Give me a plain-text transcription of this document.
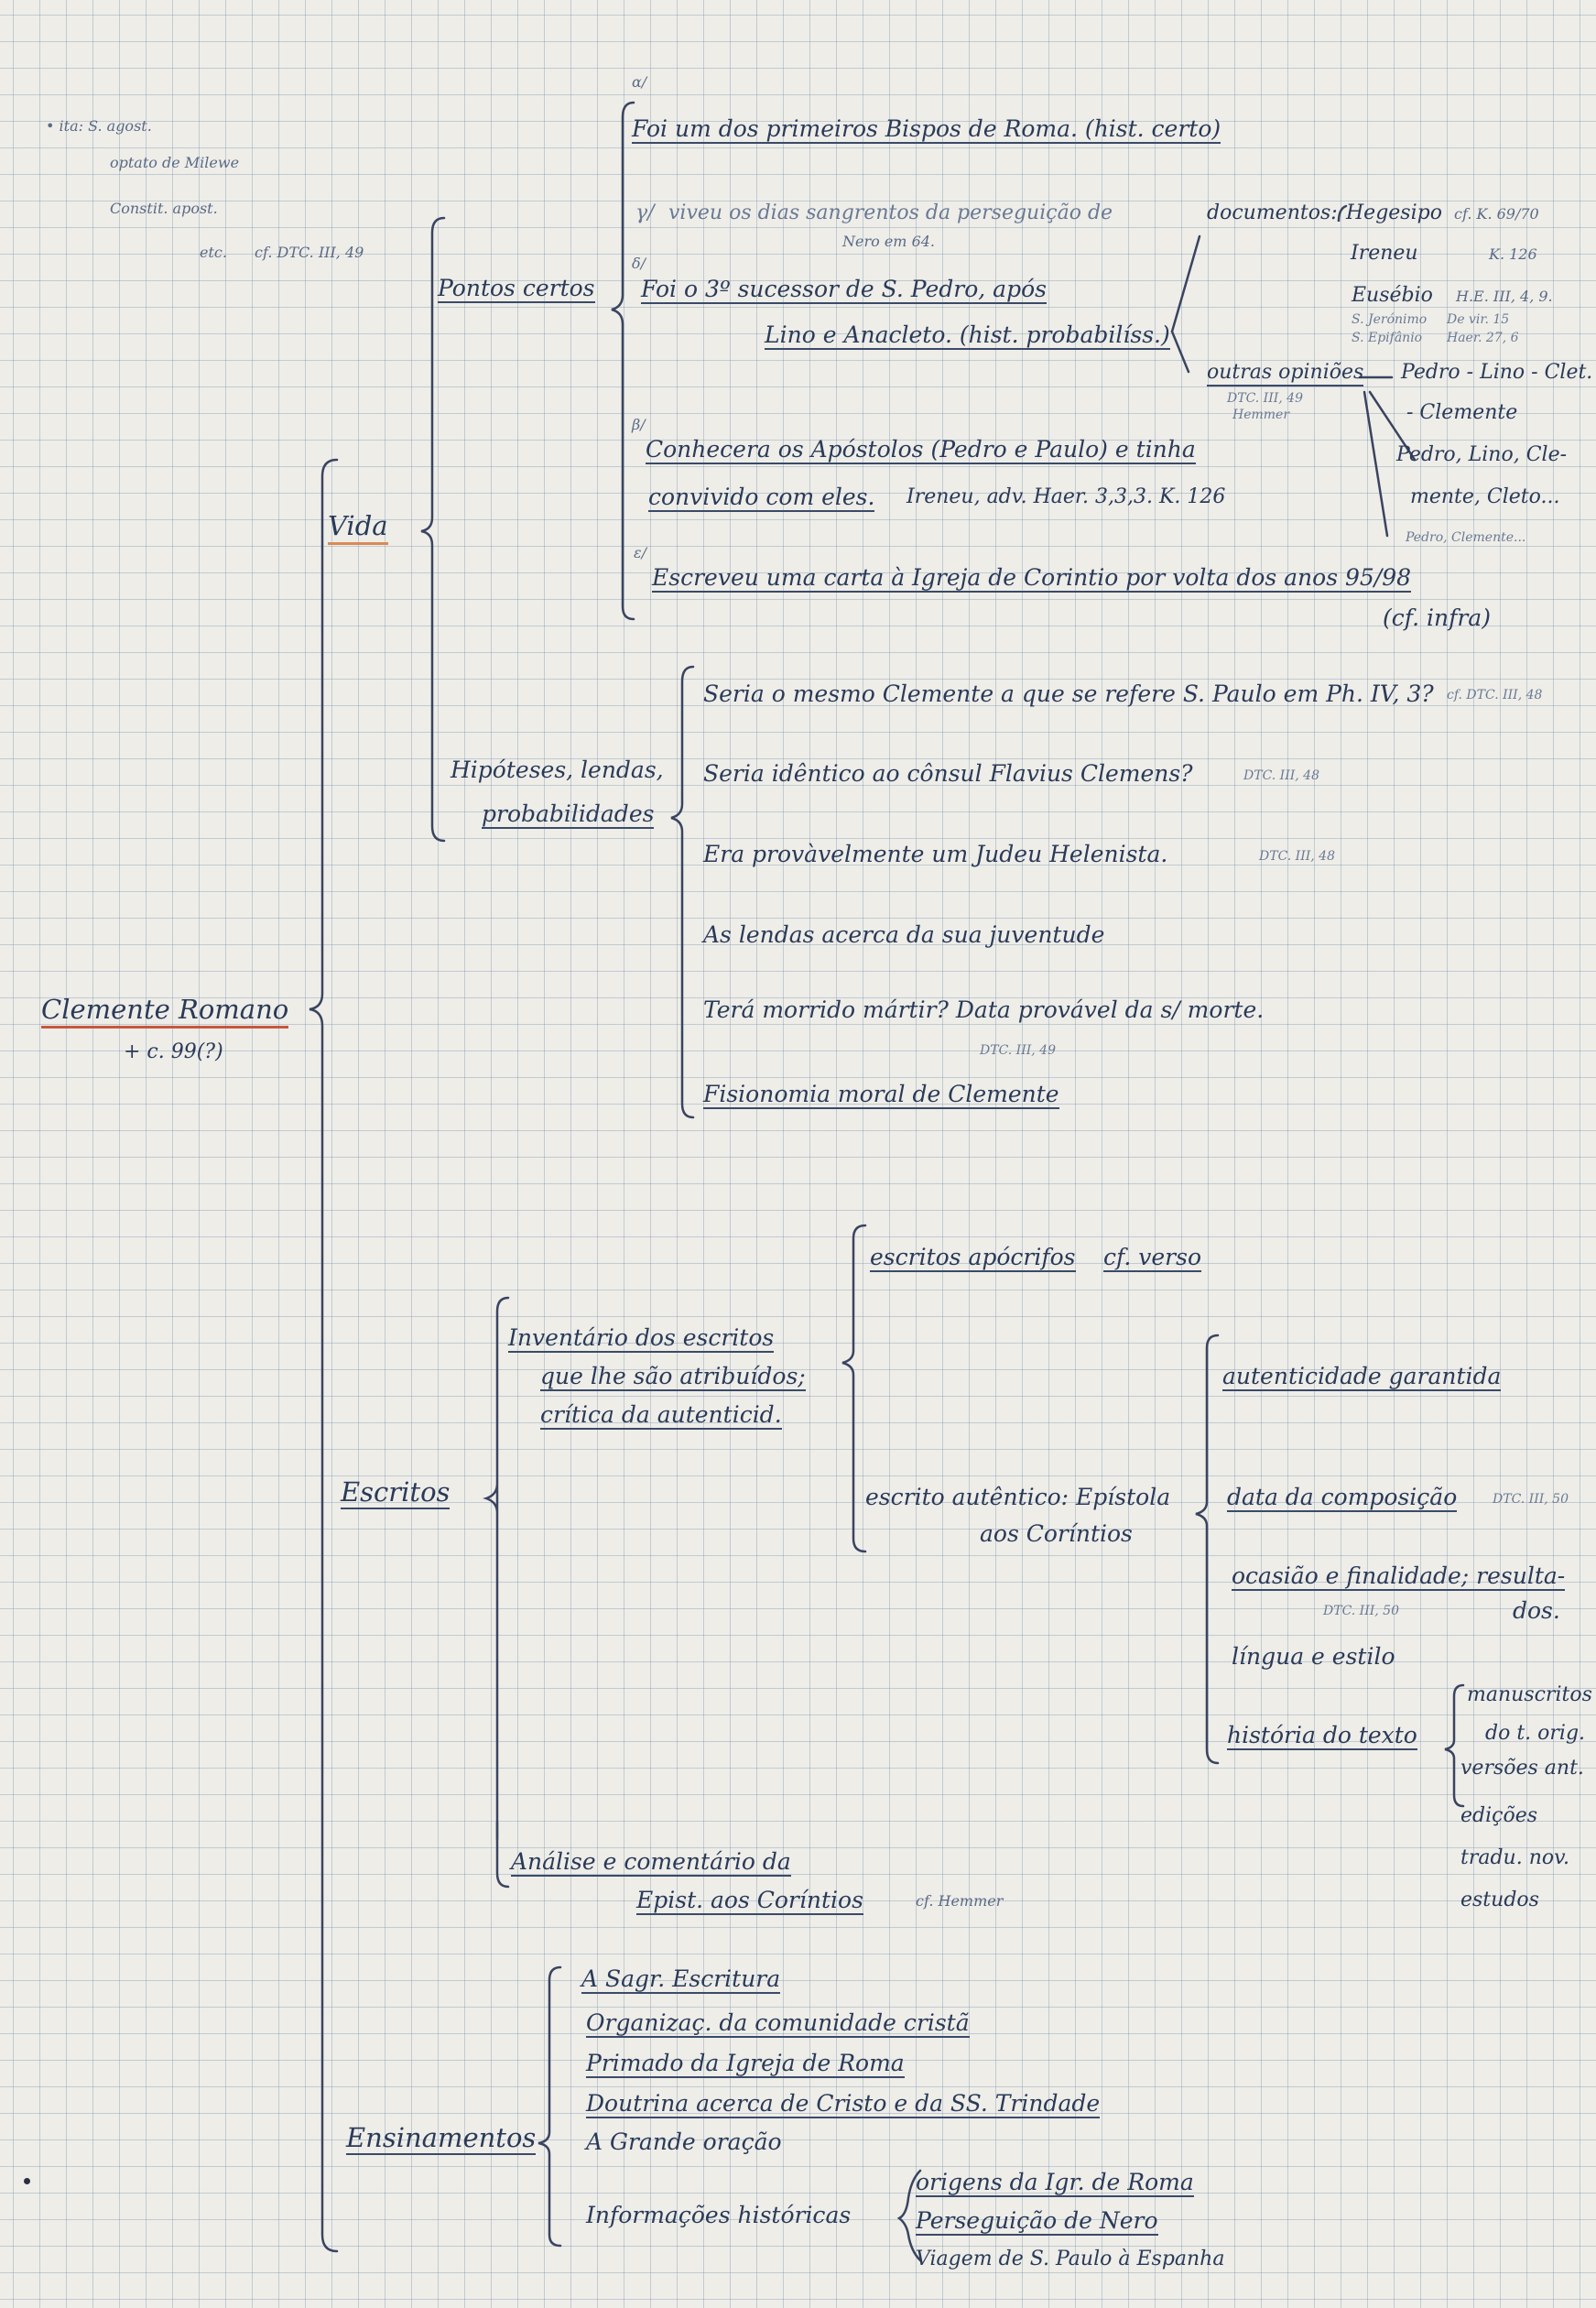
• ita: S. agost.
optato de Milewe
Constit. apost.
etc. cf. DTC. III, 49
Clemente Romano
+ c. 99(?)
Vida
Pontos certos
α/
Foi um dos primeiros Bispos de Roma. (hist. certo)
γ/ viveu os dias sangrentos da perseguição de
Nero em 64.
δ/
Foi o 3º sucessor de S. Pedro, após
Lino e Anacleto. (hist. probabilíss.)
β/
Conhecera os Apóstolos (Pedro e Paulo) e tinha
convivido com eles. Ireneu, adv. Haer. 3,3,3. K. 126
ε/
Escreveu uma carta à Igreja de Corintio por volta dos anos 95/98
(cf. infra)
documentos: Hegesipo cf. K. 69/70
Ireneu	K. 126
Eusébio H.E. III, 4, 9.
S. Jerónimo De vir. 15
S. Epifânio Haer. 27, 6
outras opiniões
DTC. III, 49
Hemmer
Pedro - Lino - Clet.
- Clemente
Pedro, Lino, Cle-
mente, Cleto...
Pedro, Clemente...
Hipóteses, lendas,
probabilidades
Seria o mesmo Clemente a que se refere S. Paulo em Ph. IV, 3? cf. DTC. III, 48
Seria idêntico ao cônsul Flavius Clemens?	DTC. III, 48
Era provàvelmente um Judeu Helenista.	DTC. III, 48
As lendas acerca da sua juventude
Terá morrido mártir? Data provável da s/ morte.
DTC. III, 49
Fisionomia moral de Clemente
Escritos
Inventário dos escritos
que lhe são atribuídos;
crítica da autenticid.
escritos apócrifos cf. verso
escrito autêntico: Epístola
aos Coríntios
autenticidade garantida
data da composição	DTC. III, 50
ocasião e finalidade; resulta-
DTC. III, 50	dos.
língua e estilo
história do texto
manuscritos
do t. orig.
versões ant.
edições
tradu. nov.
estudos
Análise e comentário da
Epist. aos Coríntios	cf. Hemmer
Ensinamentos
A Sagr. Escritura
Organizaç. da comunidade cristã
Primado da Igreja de Roma
Doutrina acerca de Cristo e da SS. Trindade
A Grande oração
Informações históricas
origens da Igr. de Roma
Perseguição de Nero
Viagem de S. Paulo à Espanha
